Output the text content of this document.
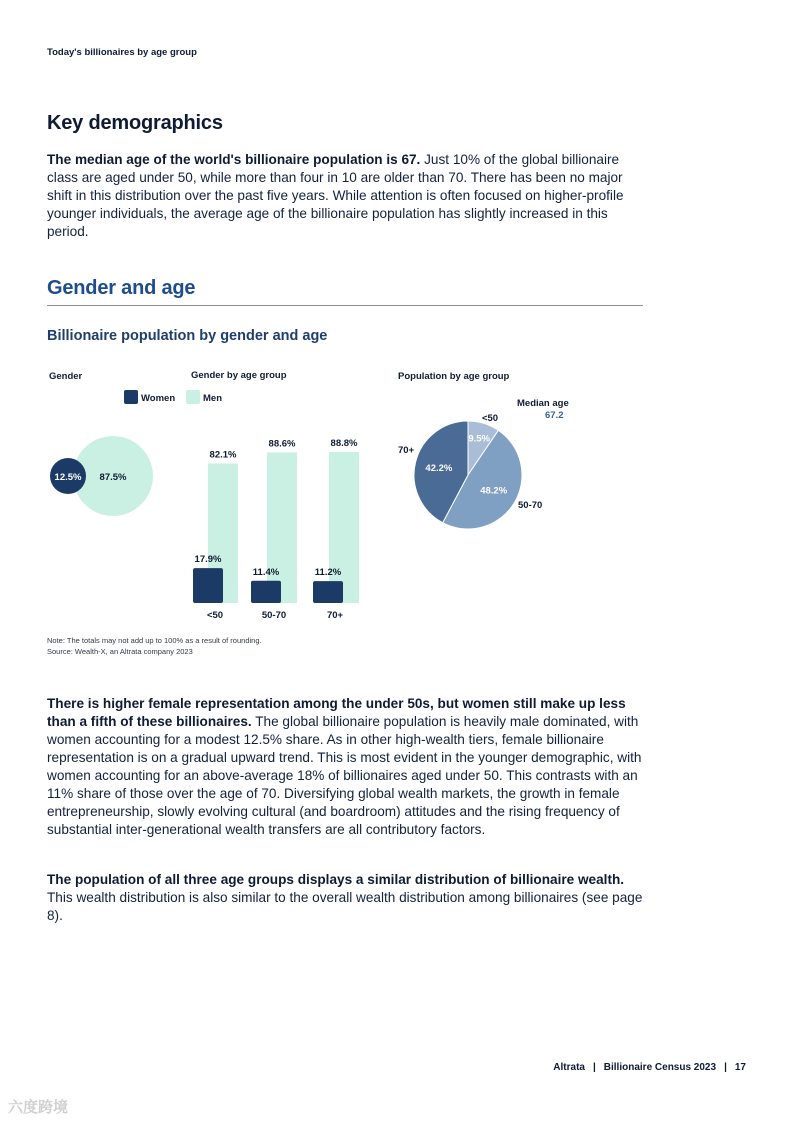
Today's billionaires by age group
Key demographics
The median age of the world's billionaire population is 67. Just 10% of the global billionaire class are aged under 50, while more than four in 10 are older than 70. There has been no major shift in this distribution over the past five years. While attention is often focused on higher-profile younger individuals, the average age of the billionaire population has slightly increased in this period.
Gender and age
Billionaire population by gender and age
Gender	Gender by age group	Population by age group
Women	Men
12.5% 87.5%
82.1%
17.9%
<50
88.6%
11.4%
50-70
88.8%
11.2%
70+
9.5%
48.2%
42.2%
<50
50-70
70+
Median age
67.2
Note: The totals may not add up to 100% as a result of rounding.
Source: Wealth-X, an Altrata company 2023
There is higher female representation among the under 50s, but women still make up less than a fifth of these billionaires. The global billionaire population is heavily male dominated, with women accounting for a modest 12.5% share. As in other high-wealth tiers, female billionaire representation is on a gradual upward trend. This is most evident in the younger demographic, with women accounting for an above-average 18% of billionaires aged under 50. This contrasts with an 11% share of those over the age of 70. Diversifying global wealth markets, the growth in female entrepreneurship, slowly evolving cultural (and boardroom) attitudes and the rising frequency of substantial inter-generational wealth transfers are all contributory factors.
The population of all three age groups displays a similar distribution of billionaire wealth. This wealth distribution is also similar to the overall wealth distribution among billionaires (see page 8).
Altrata | Billionaire Census 2023 | 17
六度跨境
